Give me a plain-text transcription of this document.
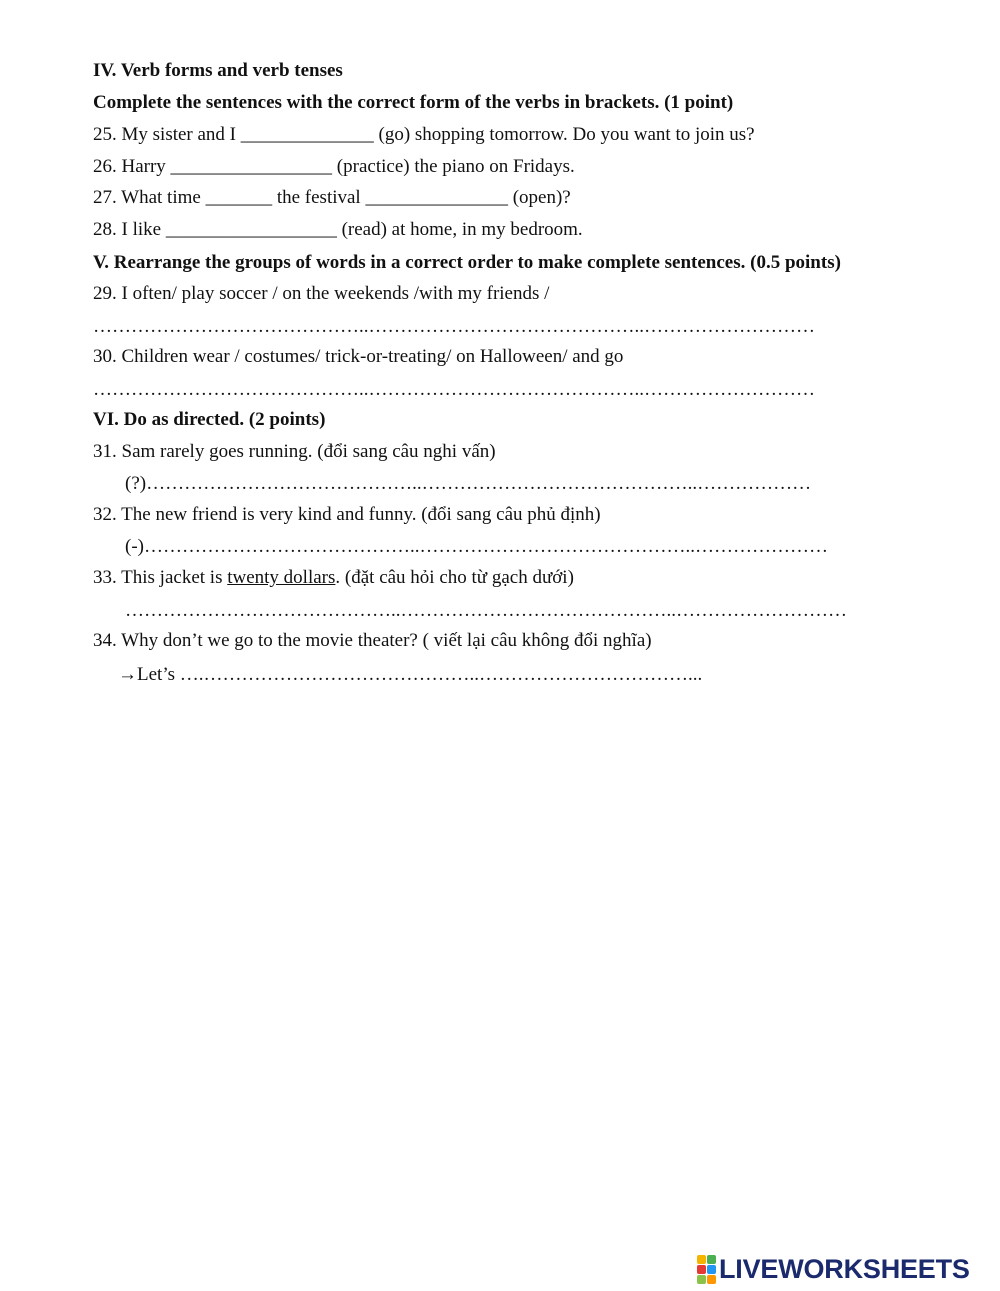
IV. Verb forms and verb tenses
Complete the sentences with the correct form of the verbs in brackets. (1 point)
25. My sister and I ______________ (go) shopping tomorrow. Do you want to join us?
26. Harry _________________ (practice) the piano on Fridays.
27. What time _______ the festival _______________ (open)?
28. I like __________________ (read) at home, in my bedroom.
V. Rearrange the groups of words in a correct order to make complete sentences. (0.5 points)
29. I often/ play soccer / on the weekends /with my friends /
……………………………………..……………………………………..………………………
30. Children wear / costumes/ trick-or-treating/ on Halloween/ and go
……………………………………..……………………………………..………………………
VI. Do as directed. (2 points)
31. Sam rarely goes running. (đổi sang câu nghi vấn)
(?)……………………………………..……………………………………..………………
32. The new friend is very kind and funny. (đổi sang câu phủ định)
(-)……………………………………..……………………………………..…………………
33. This jacket is twenty dollars. (đặt câu hỏi cho từ gạch dưới)
……………………………………..……………………………………..………………………
34. Why don’t we go to the movie theater? ( viết lại câu không đổi nghĩa)
→Let’s ….……………………………………..……………………………...
LIVEWORKSHEETS
